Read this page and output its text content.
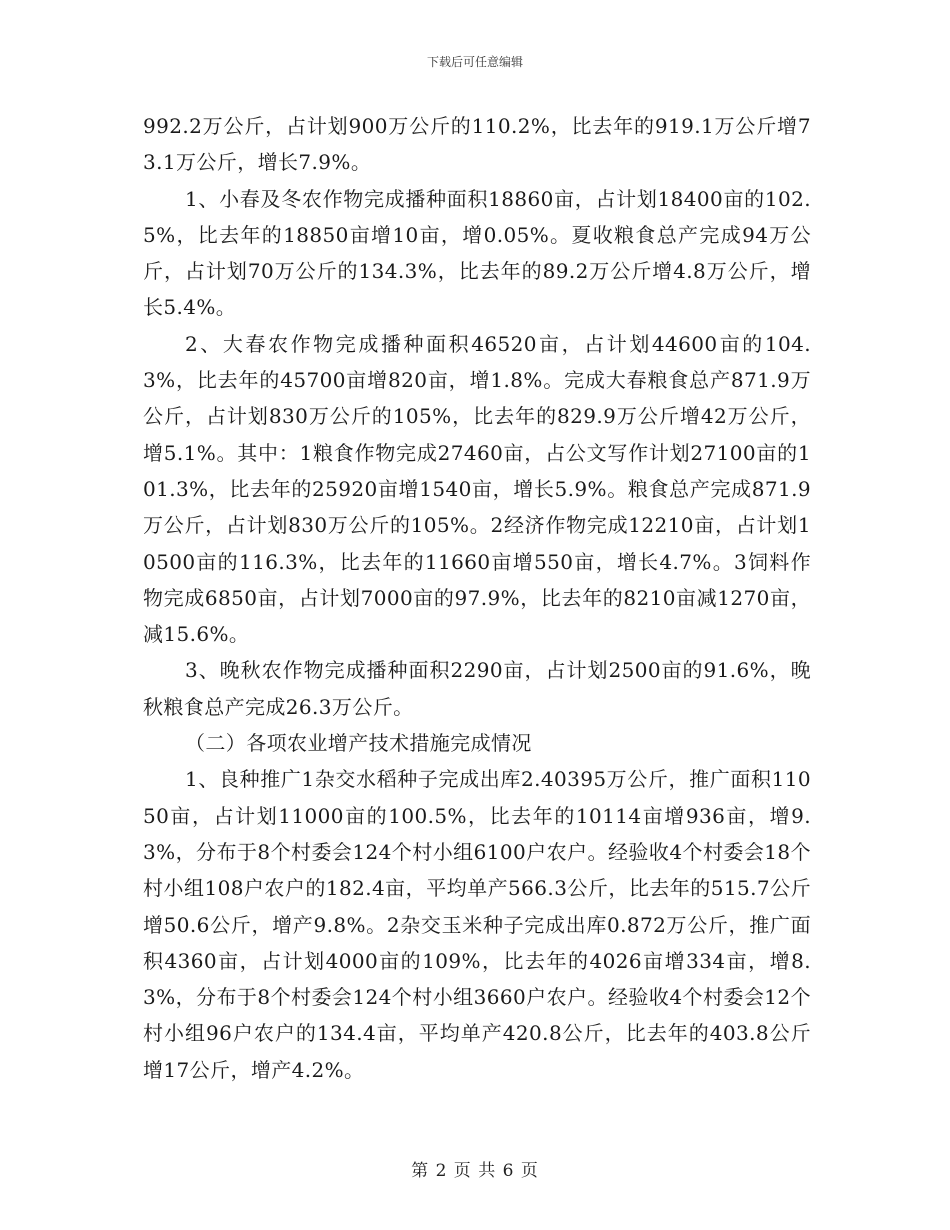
下载后可任意编辑

992.2万公斤，占计划900万公斤的110.2%，比去年的919.1万公斤增73.1万公斤，增长7.9%。

1、小春及冬农作物完成播种面积18860亩，占计划18400亩的102.5%，比去年的18850亩增10亩，增0.05%。夏收粮食总产完成94万公斤，占计划70万公斤的134.3%，比去年的89.2万公斤增4.8万公斤，增长5.4%。

2、大春农作物完成播种面积46520亩，占计划44600亩的104.3%，比去年的45700亩增820亩，增1.8%。完成大春粮食总产871.9万公斤，占计划830万公斤的105%，比去年的829.9万公斤增42万公斤，增5.1%。其中：1粮食作物完成27460亩，占公文写作计划27100亩的101.3%，比去年的25920亩增1540亩，增长5.9%。粮食总产完成871.9万公斤，占计划830万公斤的105%。2经济作物完成12210亩，占计划10500亩的116.3%，比去年的11660亩增550亩，增长4.7%。3饲料作物完成6850亩，占计划7000亩的97.9%，比去年的8210亩减1270亩，减15.6%。

3、晚秋农作物完成播种面积2290亩，占计划2500亩的91.6%，晚秋粮食总产完成26.3万公斤。

（二）各项农业增产技术措施完成情况

1、良种推广1杂交水稻种子完成出库2.40395万公斤，推广面积11050亩，占计划11000亩的100.5%，比去年的10114亩增936亩，增9.3%，分布于8个村委会124个村小组6100户农户。经验收4个村委会18个村小组108户农户的182.4亩，平均单产566.3公斤，比去年的515.7公斤增50.6公斤，增产9.8%。2杂交玉米种子完成出库0.872万公斤，推广面积4360亩，占计划4000亩的109%，比去年的4026亩增334亩，增8.3%，分布于8个村委会124个村小组3660户农户。经验收4个村委会12个村小组96户农户的134.4亩，平均单产420.8公斤，比去年的403.8公斤增17公斤，增产4.2%。

第 2 页 共 6 页
